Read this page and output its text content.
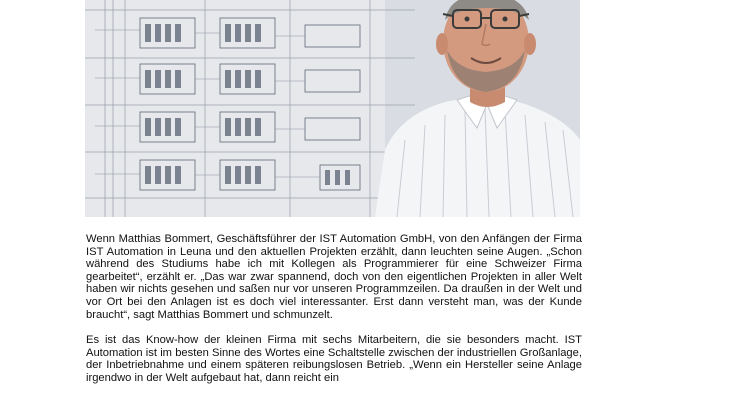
Wenn Matthias Bommert, Geschäftsführer der IST Automation GmbH, von den Anfängen der Firma IST Automation in Leuna und den aktuellen Projekten erzählt, dann leuchten seine Augen. „Schon während des Studiums habe ich mit Kollegen als Programmierer für eine Schweizer Firma gearbeitet“, erzählt er. „Das war zwar spannend, doch von den eigentlichen Projekten in aller Welt haben wir nichts gesehen und saßen nur vor unseren Programmzeilen. Da draußen in der Welt und vor Ort bei den Anlagen ist es doch viel interessanter. Erst dann versteht man, was der Kunde braucht“, sagt Matthias Bommert und schmunzelt.

Es ist das Know-how der kleinen Firma mit sechs Mitarbeitern, die sie besonders macht. IST Automation ist im besten Sinne des Wortes eine Schaltstelle zwischen der industriellen Großanlage, der Inbetriebnahme und einem späteren reibungslosen Betrieb. „Wenn ein Hersteller seine Anlage irgendwo in der Welt aufgebaut hat, dann reicht ein
